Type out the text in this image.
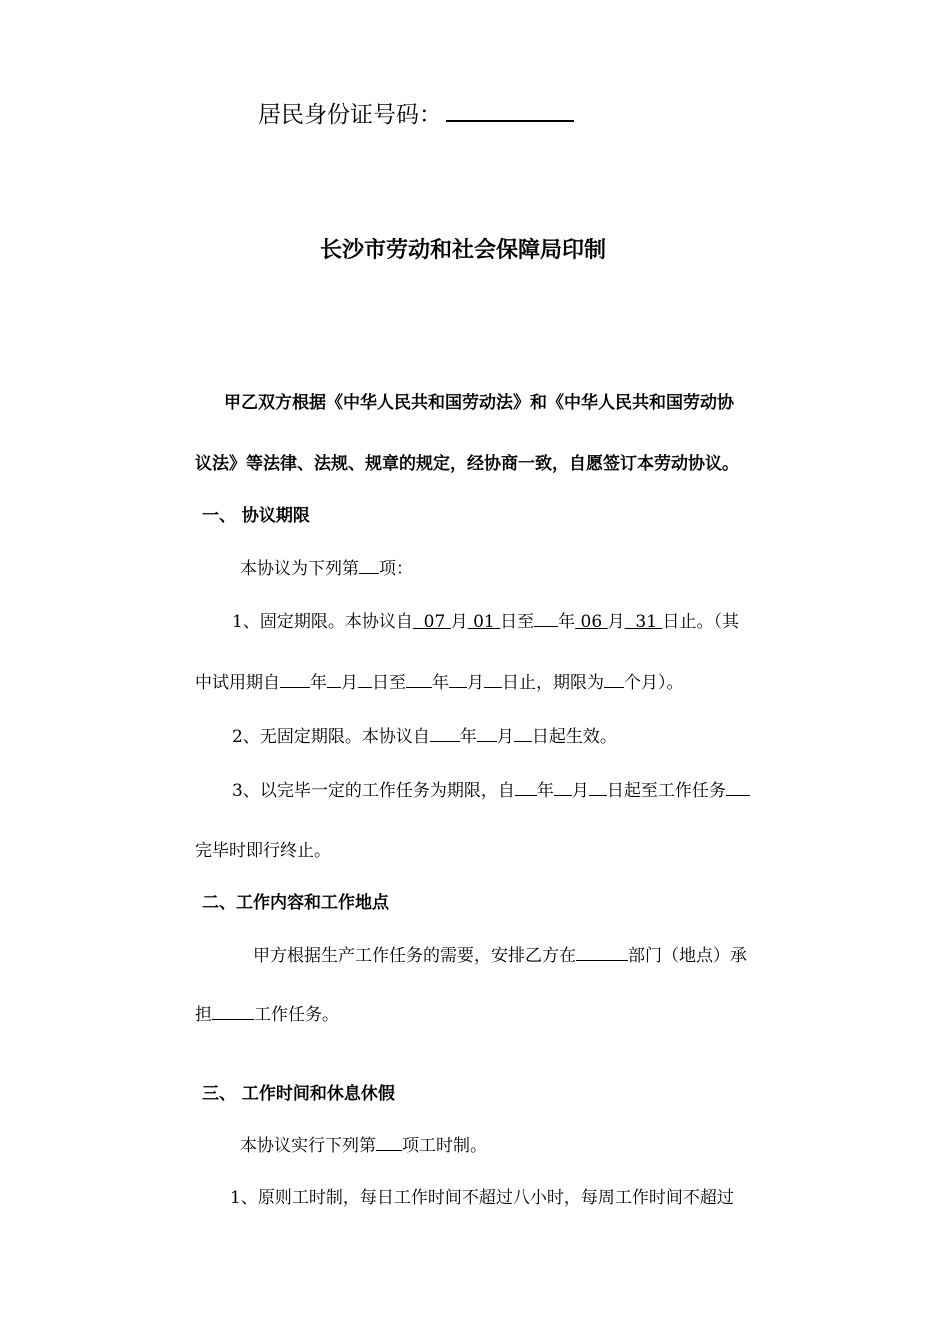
居民身份证号码：
长沙市劳动和社会保障局印制
甲乙双方根据《中华人民共和国劳动法》和《中华人民共和国劳动协
议法》等法律、法规、规章的规定，经协商一致，自愿签订本劳动协议。
一、 协议期限
本协议为下列第 项：
1、固定期限。本协议自 07 月 01 日至 年 06 月 31 日止。（其
中试用期自 年 月 日至 年 月 日止，期限为 个月）。
2、无固定期限。本协议自 年 月 日起生效。
3、以完毕一定的工作任务为期限，自 年 月 日起至工作任务
完毕时即行终止。
二、工作内容和工作地点
甲方根据生产工作任务的需要，安排乙方在	部门（地点）承
担 工作任务。
三、 工作时间和休息休假
本协议实行下列第 项工时制。
1、原则工时制，每日工作时间不超过八小时，每周工作时间不超过
